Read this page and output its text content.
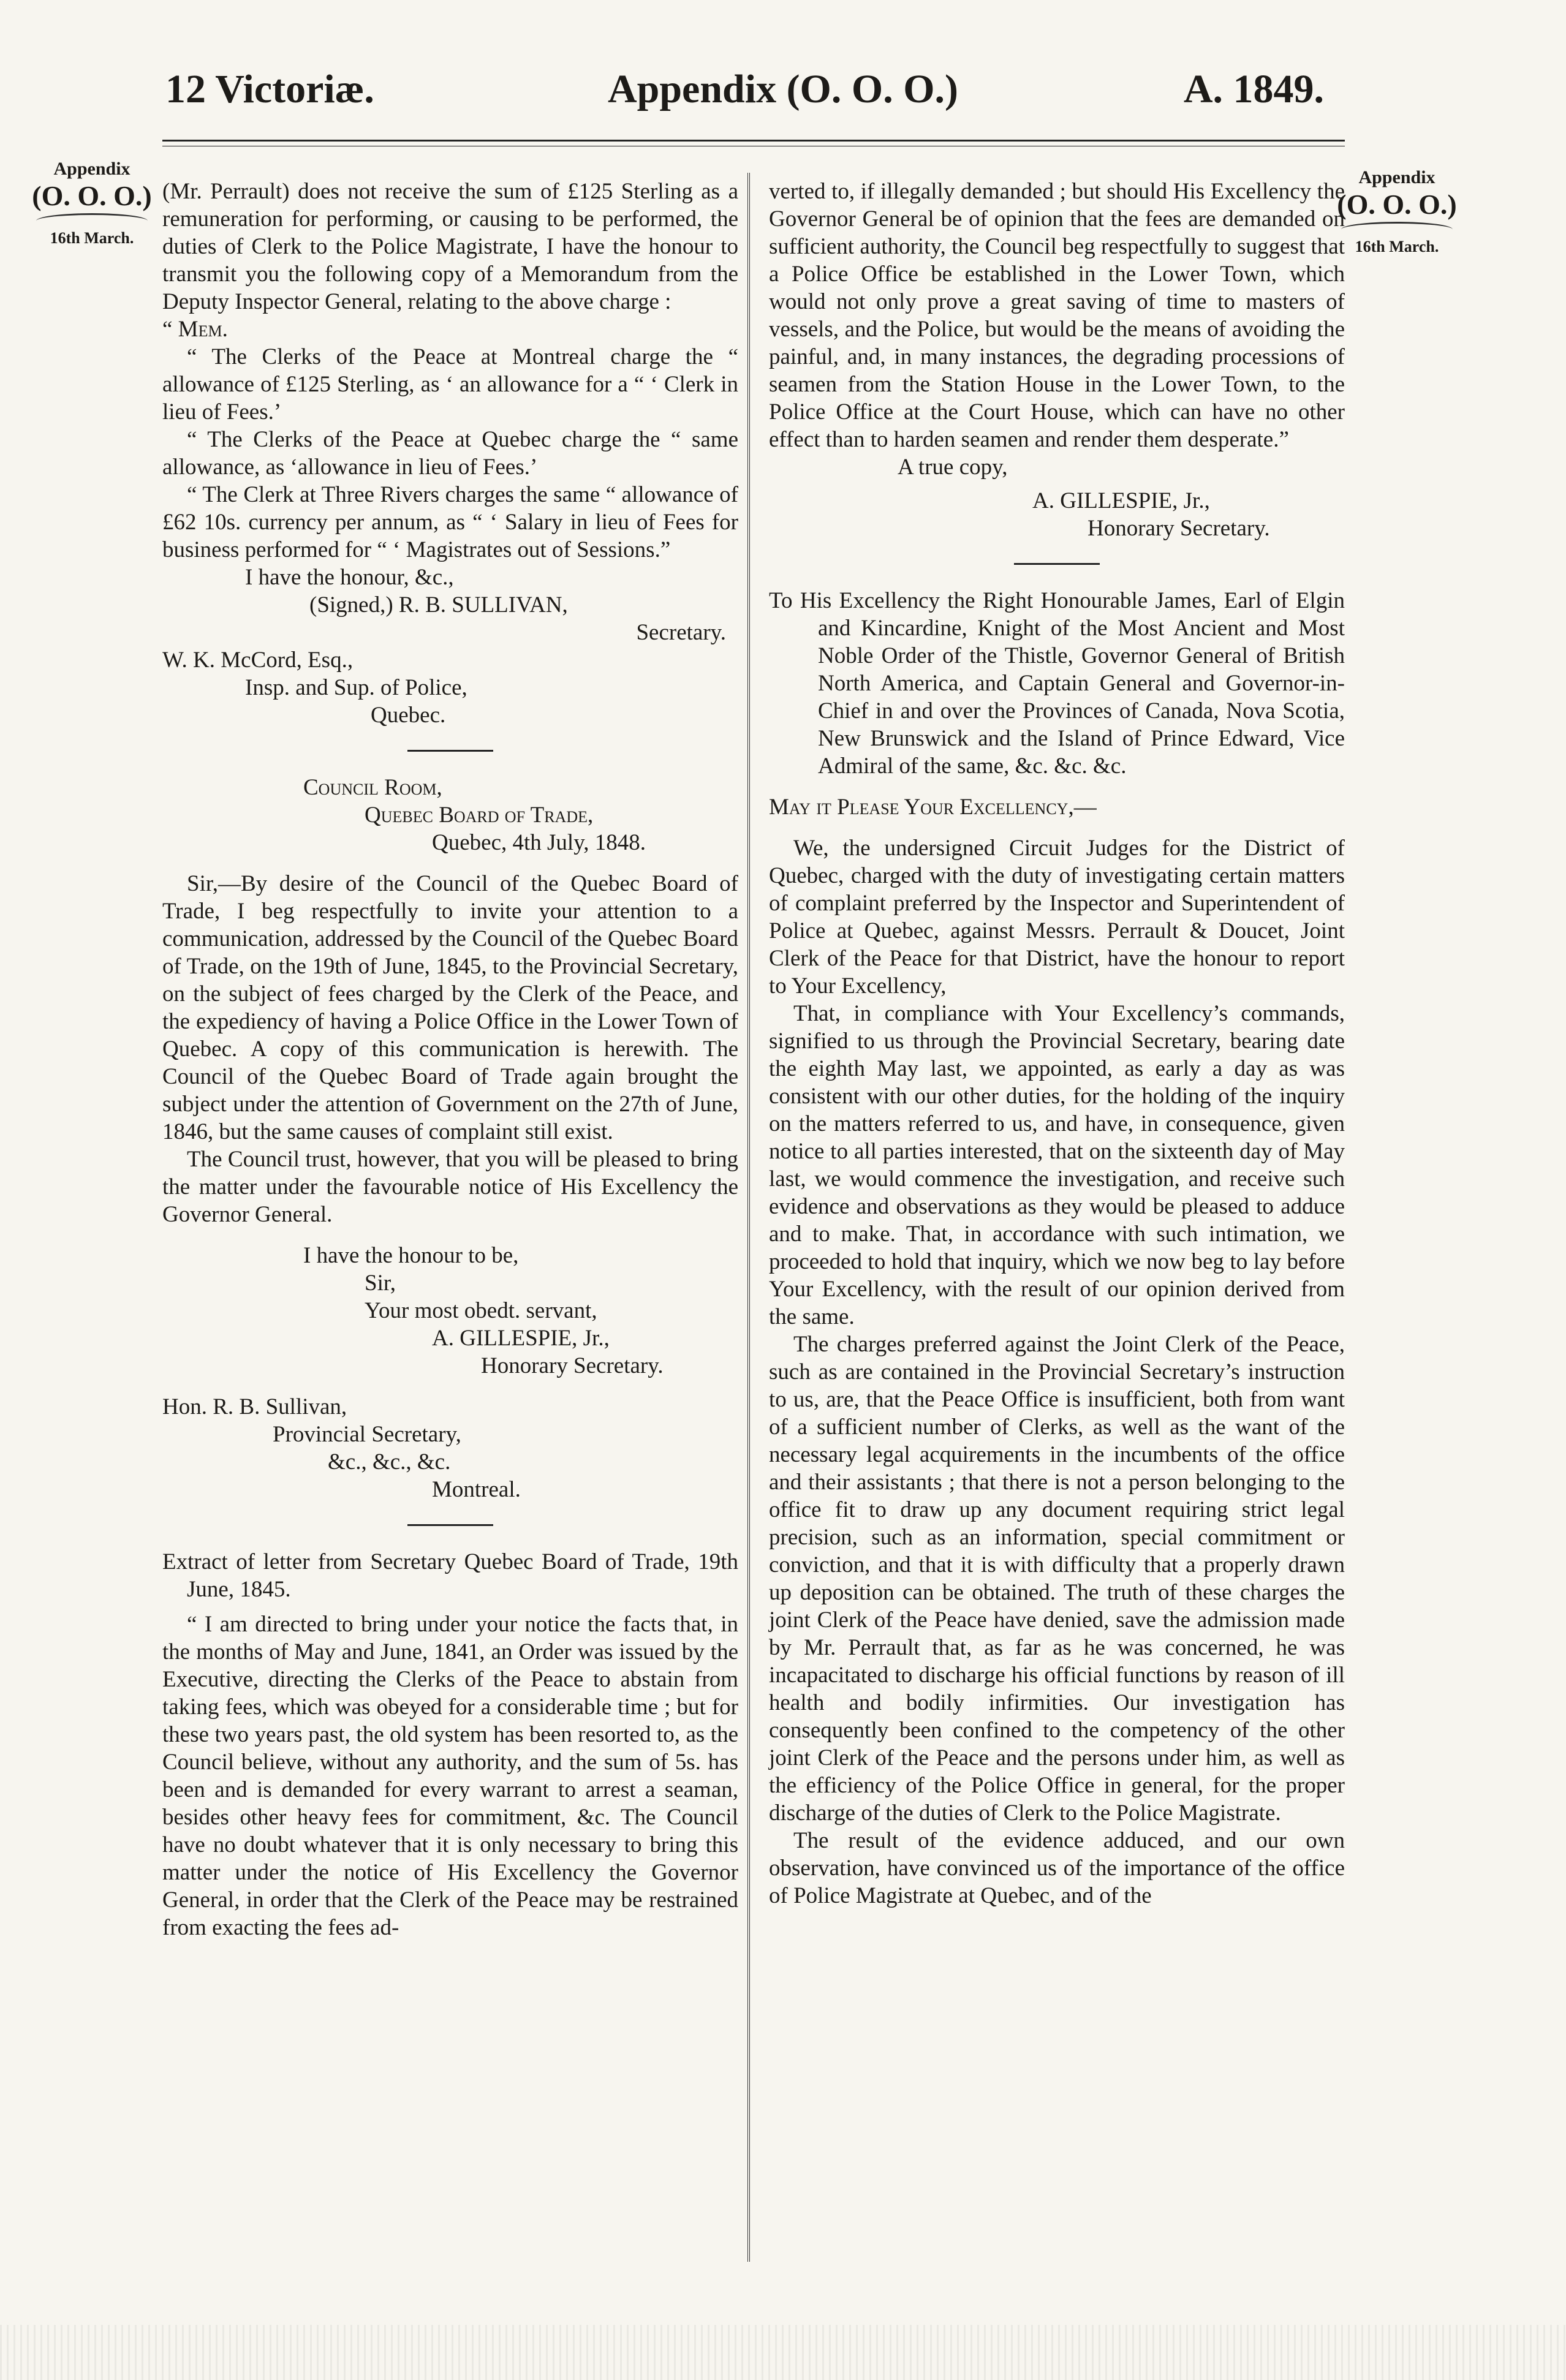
12 Victoriæ.	Appendix (O. O. O.)	A. 1849.
Appendix
(O. O. O.)
16th March.
Appendix
(O. O. O.)
16th March.

(Mr. Perrault) does not receive the sum of £125 Sterling as a remuneration for performing, or causing to be performed, the duties of Clerk to the Police Magistrate, I have the honour to transmit you the following copy of a Memorandum from the Deputy Inspector General, relating to the above charge :

“ Mem.

“ The Clerks of the Peace at Montreal charge the “ allowance of £125 Sterling, as ‘ an allowance for a “ ‘ Clerk in lieu of Fees.’

“ The Clerks of the Peace at Quebec charge the “ same allowance, as ‘allowance in lieu of Fees.’

“ The Clerk at Three Rivers charges the same “ allowance of £62 10s. currency per annum, as “ ‘ Salary in lieu of Fees for business performed for “ ‘ Magistrates out of Sessions.”

I have the honour, &c.,

(Signed,) R. B. SULLIVAN,

Secretary.

W. K. McCord, Esq.,

Insp. and Sup. of Police,

Quebec.

Council Room,

Quebec Board of Trade,

Quebec, 4th July, 1848.

Sir,—By desire of the Council of the Quebec Board of Trade, I beg respectfully to invite your attention to a communication, addressed by the Council of the Quebec Board of Trade, on the 19th of June, 1845, to the Provincial Secretary, on the subject of fees charged by the Clerk of the Peace, and the expediency of having a Police Office in the Lower Town of Quebec. A copy of this communication is herewith. The Council of the Quebec Board of Trade again brought the subject under the attention of Government on the 27th of June, 1846, but the same causes of complaint still exist.

The Council trust, however, that you will be pleased to bring the matter under the favourable notice of His Excellency the Governor General.

I have the honour to be,

Sir,

Your most obedt. servant,

A. GILLESPIE, Jr.,

Honorary Secretary.

Hon. R. B. Sullivan,

Provincial Secretary,

&c., &c., &c.

Montreal.

Extract of letter from Secretary Quebec Board of Trade, 19th June, 1845.

“ I am directed to bring under your notice the facts that, in the months of May and June, 1841, an Order was issued by the Executive, directing the Clerks of the Peace to abstain from taking fees, which was obeyed for a considerable time ; but for these two years past, the old system has been resorted to, as the Council believe, without any authority, and the sum of 5s. has been and is demanded for every warrant to arrest a seaman, besides other heavy fees for commitment, &c. The Council have no doubt whatever that it is only necessary to bring this matter under the notice of His Excellency the Governor General, in order that the Clerk of the Peace may be restrained from exacting the fees ad-

verted to, if illegally demanded ; but should His Excellency the Governor General be of opinion that the fees are demanded on sufficient authority, the Council beg respectfully to suggest that a Police Office be established in the Lower Town, which would not only prove a great saving of time to masters of vessels, and the Police, but would be the means of avoiding the painful, and, in many instances, the degrading processions of seamen from the Station House in the Lower Town, to the Police Office at the Court House, which can have no other effect than to harden seamen and render them desperate.”

A true copy,

A. GILLESPIE, Jr.,

Honorary Secretary.

To His Excellency the Right Honourable James, Earl of Elgin and Kincardine, Knight of the Most Ancient and Most Noble Order of the Thistle, Governor General of British North America, and Captain General and Governor-in-Chief in and over the Provinces of Canada, Nova Scotia, New Brunswick and the Island of Prince Edward, Vice Admiral of the same, &c. &c. &c.

May it Please Your Excellency,—

We, the undersigned Circuit Judges for the District of Quebec, charged with the duty of investigating certain matters of complaint preferred by the Inspector and Superintendent of Police at Quebec, against Messrs. Perrault & Doucet, Joint Clerk of the Peace for that District, have the honour to report to Your Excellency,

That, in compliance with Your Excellency’s commands, signified to us through the Provincial Secretary, bearing date the eighth May last, we appointed, as early a day as was consistent with our other duties, for the holding of the inquiry on the matters referred to us, and have, in consequence, given notice to all parties interested, that on the sixteenth day of May last, we would commence the investigation, and receive such evidence and observations as they would be pleased to adduce and to make. That, in accordance with such intimation, we proceeded to hold that inquiry, which we now beg to lay before Your Excellency, with the result of our opinion derived from the same.

The charges preferred against the Joint Clerk of the Peace, such as are contained in the Provincial Secretary’s instruction to us, are, that the Peace Office is insufficient, both from want of a sufficient number of Clerks, as well as the want of the necessary legal acquirements in the incumbents of the office and their assistants ; that there is not a person belonging to the office fit to draw up any document requiring strict legal precision, such as an information, special commitment or conviction, and that it is with difficulty that a properly drawn up deposition can be obtained. The truth of these charges the joint Clerk of the Peace have denied, save the admission made by Mr. Perrault that, as far as he was concerned, he was incapacitated to discharge his official functions by reason of ill health and bodily infirmities. Our investigation has consequently been confined to the competency of the other joint Clerk of the Peace and the persons under him, as well as the efficiency of the Police Office in general, for the proper discharge of the duties of Clerk to the Police Magistrate.

The result of the evidence adduced, and our own observation, have convinced us of the importance of the office of Police Magistrate at Quebec, and of the
